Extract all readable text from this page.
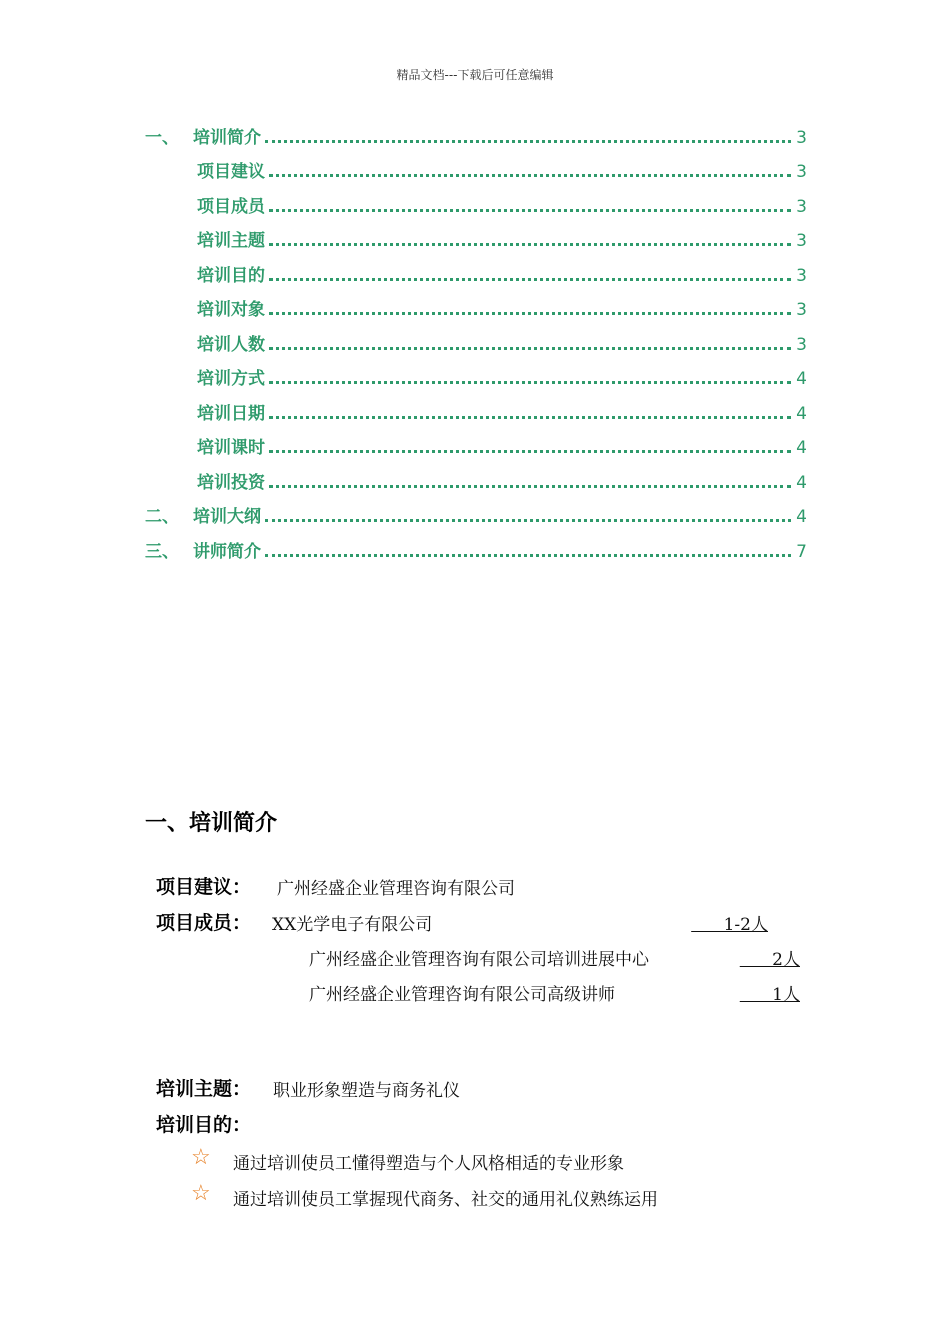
精品文档---下载后可任意编辑
一、 培训简介	3
项目建议	3
项目成员	3
培训主题	3
培训目的	3
培训对象	3
培训人数	3
培训方式	4
培训日期	4
培训课时	4
培训投资	4
二、 培训大纲	4
三、 讲师简介	7
一、培训简介
项目建议： 广州经盛企业管理咨询有限公司
项目成员： XX光学电子有限公司	1-2人
广州经盛企业管理咨询有限公司培训进展中心	2人
广州经盛企业管理咨询有限公司高级讲师	1人
培训主题： 职业形象塑造与商务礼仪
培训目的：
☆ 通过培训使员工懂得塑造与个人风格相适的专业形象
☆ 通过培训使员工掌握现代商务、社交的通用礼仪熟练运用
